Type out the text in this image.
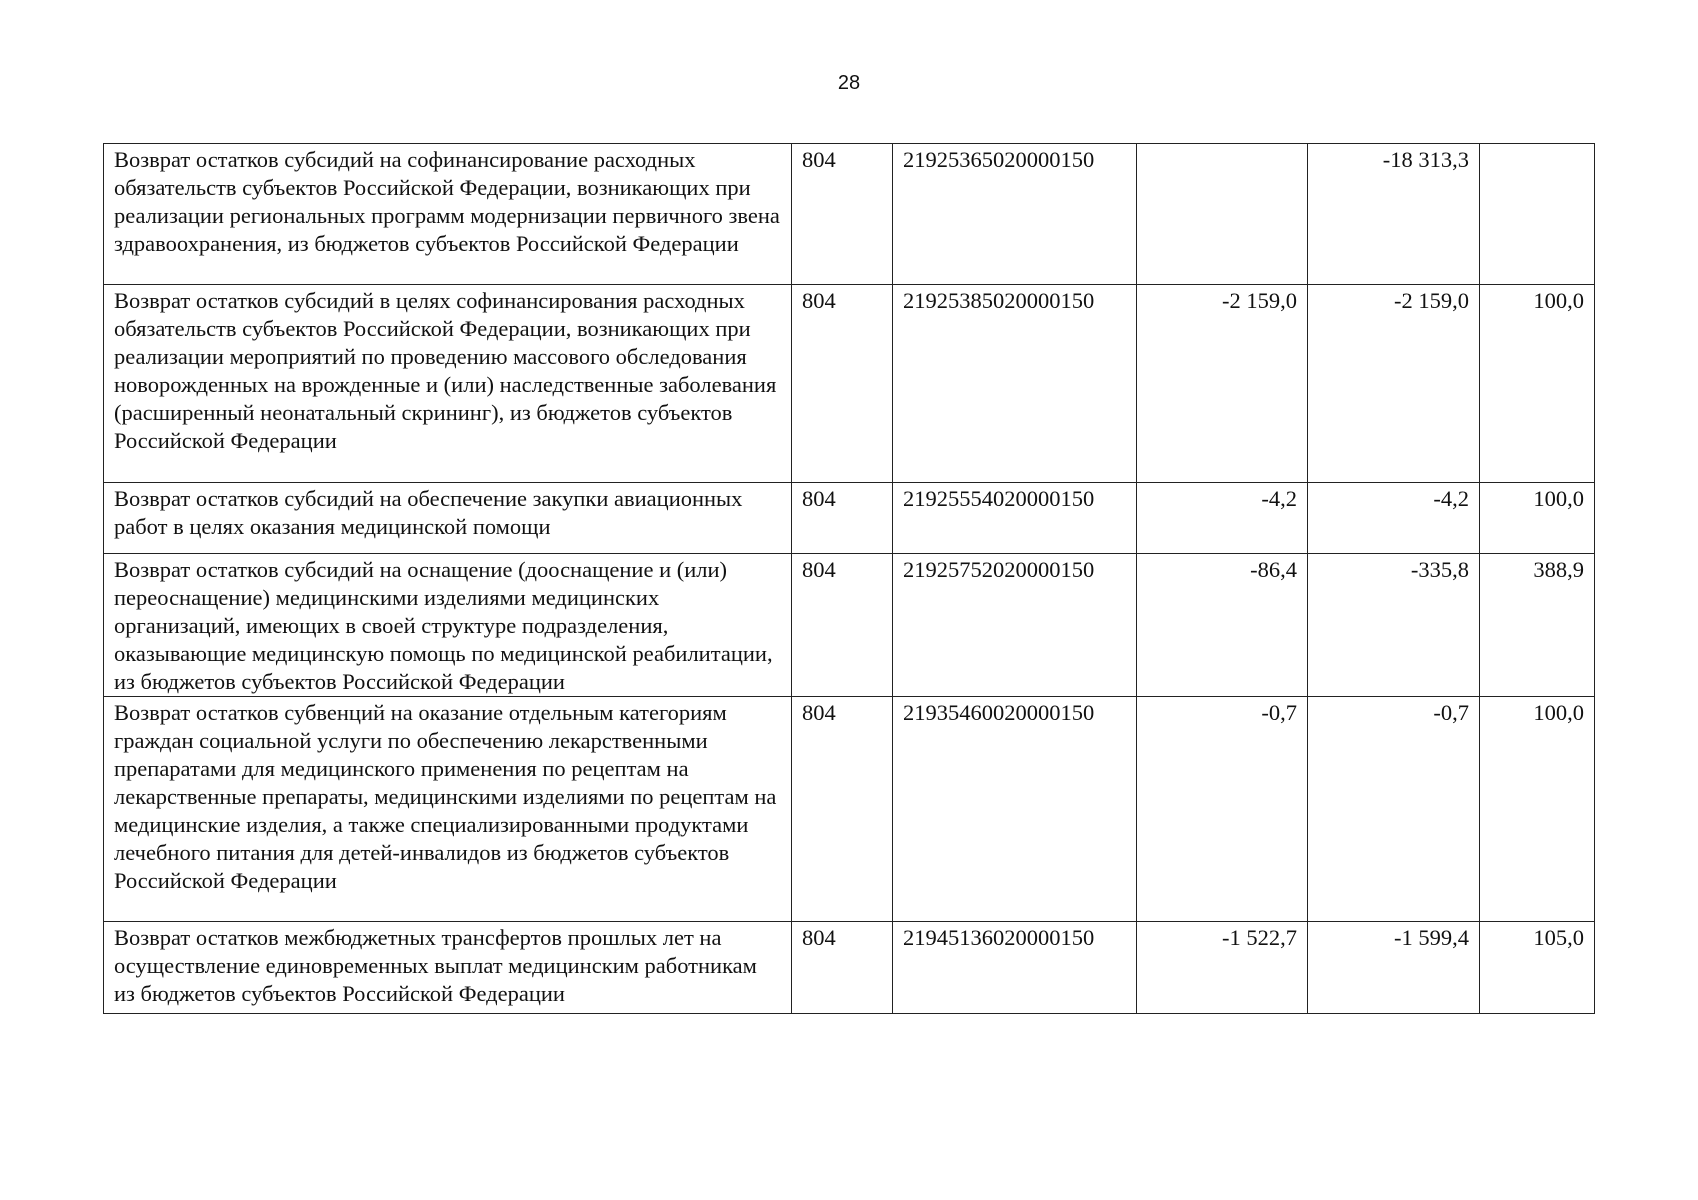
28
Возврат остатков субсидий на софинансирование расходных обязательств субъектов Российской Федерации, возникающих при реализации региональных программ модернизации первичного звена здравоохранения, из бюджетов субъектов Российской Федерации	804	21925365020000150		-18 313,3	
Возврат остатков субсидий в целях софинансирования расходных обязательств субъектов Российской Федерации, возникающих при реализации мероприятий по проведению массового обследования новорожденных на врожденные и (или) наследственные заболевания (расширенный неонатальный скрининг), из бюджетов субъектов Российской Федерации	804	21925385020000150	-2 159,0	-2 159,0	100,0
Возврат остатков субсидий на обеспечение закупки авиационных работ в целях оказания медицинской помощи	804	21925554020000150	-4,2	-4,2	100,0
Возврат остатков субсидий на оснащение (дооснащение и (или) переоснащение) медицинскими изделиями медицинских организаций, имеющих в своей структуре подразделения, оказывающие медицинскую помощь по медицинской реабилитации, из бюджетов субъектов Российской Федерации	804	21925752020000150	-86,4	-335,8	388,9
Возврат остатков субвенций на оказание отдельным категориям граждан социальной услуги по обеспечению лекарственными препаратами для медицинского применения по рецептам на лекарственные препараты, медицинскими изделиями по рецептам на медицинские изделия, а также специализированными продуктами лечебного питания для детей-инвалидов из бюджетов субъектов Российской Федерации	804	21935460020000150	-0,7	-0,7	100,0
Возврат остатков межбюджетных трансфертов прошлых лет на осуществление единовременных выплат медицинским работникам из бюджетов субъектов Российской Федерации	804	21945136020000150	-1 522,7	-1 599,4	105,0
